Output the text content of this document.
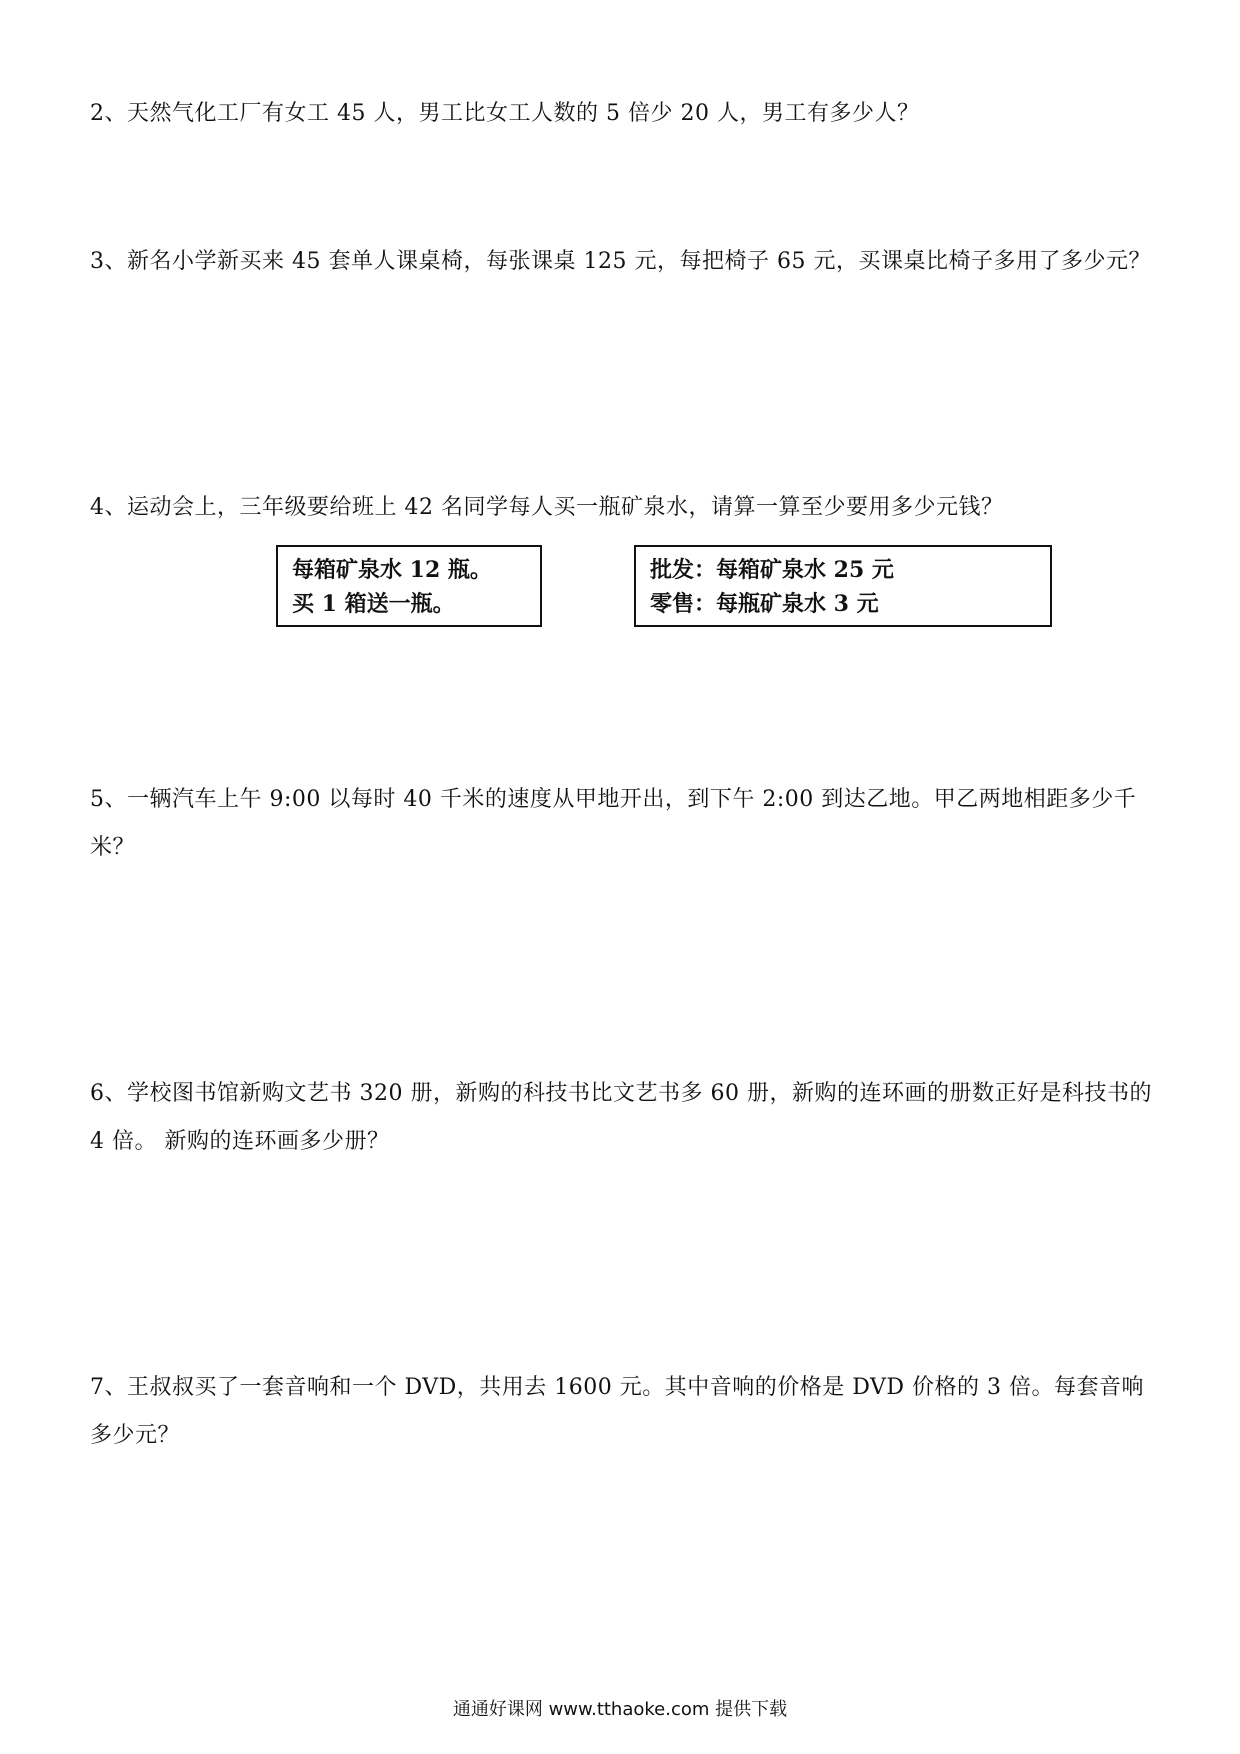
2、天然气化工厂有女工 45 人，男工比女工人数的 5 倍少 20 人，男工有多少人？
3、新名小学新买来 45 套单人课桌椅，每张课桌 125 元，每把椅子 65 元，买课桌比椅子多用了多少元？
4、运动会上，三年级要给班上 42 名同学每人买一瓶矿泉水，请算一算至少要用多少元钱？
每箱矿泉水 12 瓶。
买 1 箱送一瓶。
批发：每箱矿泉水 25 元
零售：每瓶矿泉水 3 元
5、一辆汽车上午 9:00 以每时 40 千米的速度从甲地开出，到下午 2:00 到达乙地。甲乙两地相距多少千米？
6、学校图书馆新购文艺书 320 册，新购的科技书比文艺书多 60 册，新购的连环画的册数正好是科技书的 4 倍。 新购的连环画多少册？
7、王叔叔买了一套音响和一个 DVD，共用去 1600 元。其中音响的价格是 DVD 价格的 3 倍。每套音响多少元？
通通好课网 www.tthaoke.com 提供下载
